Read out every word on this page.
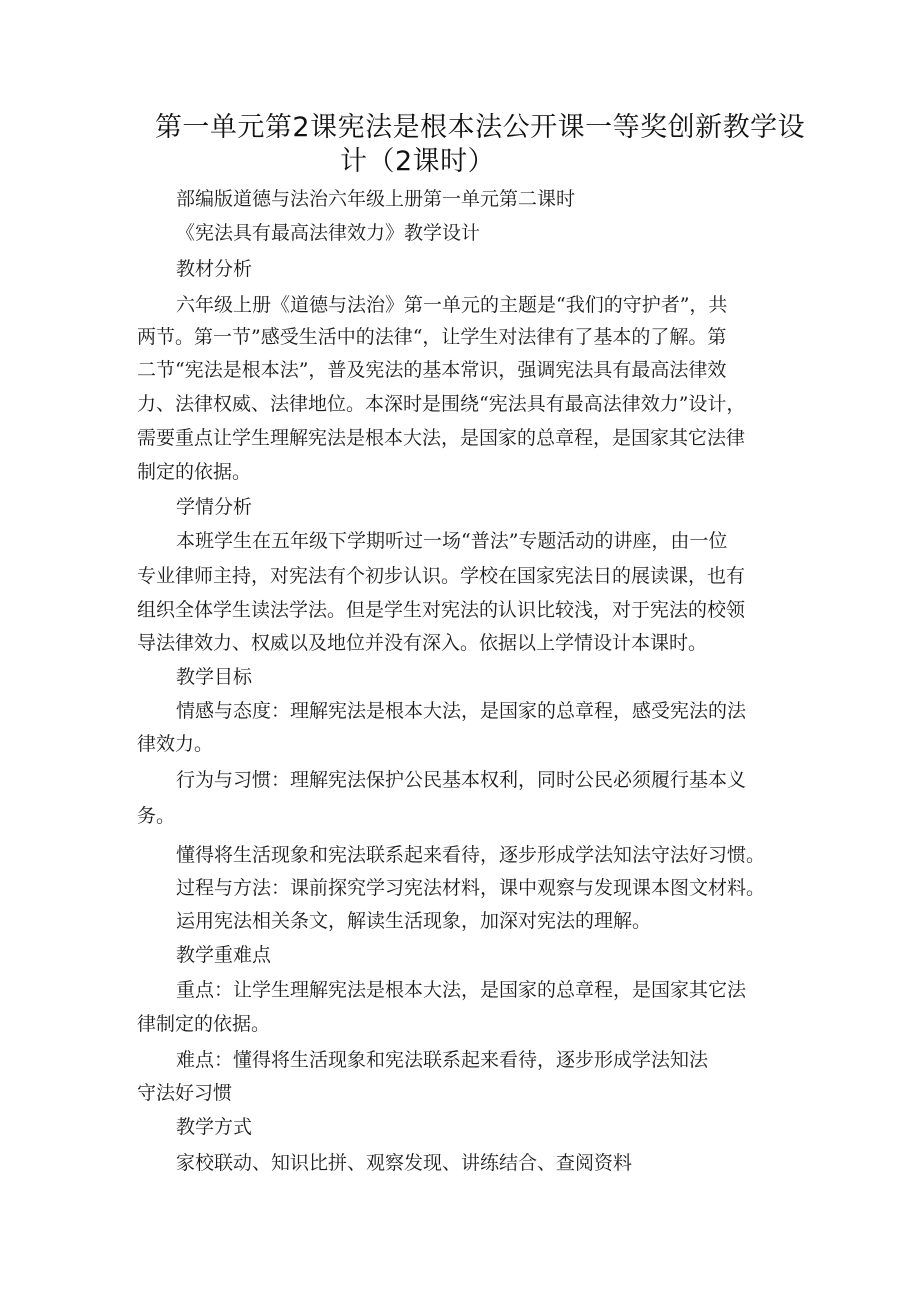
第一单元第2课宪法是根本法公开课一等奖创新教学设
计（2课时）
部编版道德与法治六年级上册第一单元第二课时
《宪法具有最高法律效力》教学设计
教材分析
六年级上册《道德与法治》第一单元的主题是“我们的守护者”，共
两节。第一节”感受生活中的法律“，让学生对法律有了基本的了解。第
二节“宪法是根本法”，普及宪法的基本常识，强调宪法具有最高法律效
力、法律权威、法律地位。本深时是围绕“宪法具有最高法律效力”设计，
需要重点让学生理解宪法是根本大法，是国家的总章程，是国家其它法律
制定的依据。
学情分析
本班学生在五年级下学期听过一场“普法”专题活动的讲座，由一位
专业律师主持，对宪法有个初步认识。学校在国家宪法日的展读课，也有
组织全体学生读法学法。但是学生对宪法的认识比较浅，对于宪法的校领
导法律效力、权威以及地位并没有深入。依据以上学情设计本课时。
教学目标
情感与态度：理解宪法是根本大法，是国家的总章程，感受宪法的法
律效力。
行为与习惯：理解宪法保护公民基本权利，同时公民必须履行基本义
务。
懂得将生活现象和宪法联系起来看待，逐步形成学法知法守法好习惯。
过程与方法：课前探究学习宪法材料，课中观察与发现课本图文材料。
运用宪法相关条文，解读生活现象，加深对宪法的理解。
教学重难点
重点：让学生理解宪法是根本大法，是国家的总章程，是国家其它法
律制定的依据。
难点：懂得将生活现象和宪法联系起来看待，逐步形成学法知法
守法好习惯
教学方式
家校联动、知识比拼、观察发现、讲练结合、查阅资料
